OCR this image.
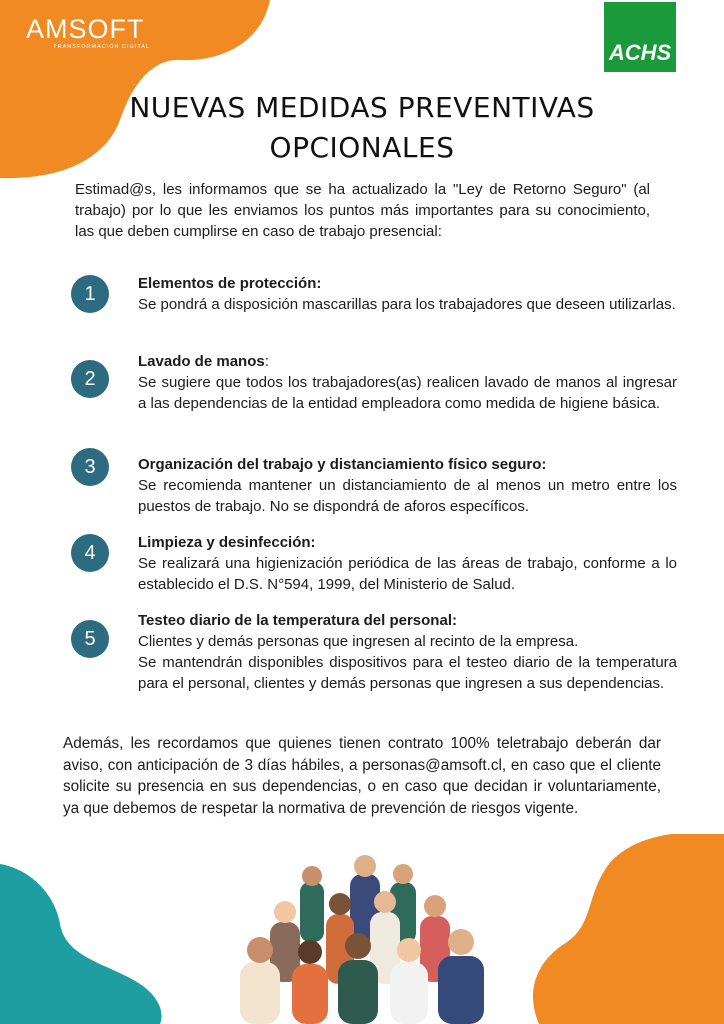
AMSOFT
TRANSFORMACIÓN DIGITAL	ACHS
NUEVAS MEDIDAS PREVENTIVAS
OPCIONALES

Estimad@s, les informamos que se ha actualizado la "Ley de Retorno Seguro" (al trabajo) por lo que les enviamos los puntos más importantes para su conocimiento, las que deben cumplirse en caso de trabajo presencial:

1	Elementos de protección:
Se pondrá a disposición mascarillas para los trabajadores que deseen utilizarlas.
2
Lavado de manos:
Se sugiere que todos los trabajadores(as) realicen lavado de manos al ingresar a las dependencias de la entidad empleadora como medida de higiene básica.
3	Organización del trabajo y distanciamiento físico seguro:
Se recomienda mantener un distanciamiento de al menos un metro entre los puestos de trabajo. No se dispondrá de aforos específicos.
4	Limpieza y desinfección:
Se realizará una higienización periódica de las áreas de trabajo, conforme a lo establecido el D.S. N°594, 1999, del Ministerio de Salud.
5
Testeo diario de la temperatura del personal:
Clientes y demás personas que ingresen al recinto de la empresa.
Se mantendrán disponibles dispositivos para el testeo diario de la temperatura para el personal, clientes y demás personas que ingresen a sus dependencias.

Además, les recordamos que quienes tienen contrato 100% teletrabajo deberán dar aviso, con anticipación de 3 días hábiles, a personas@amsoft.cl, en caso que el cliente solicite su presencia en sus dependencias, o en caso que decidan ir voluntariamente, ya que debemos de respetar la normativa de prevención de riesgos vigente.
